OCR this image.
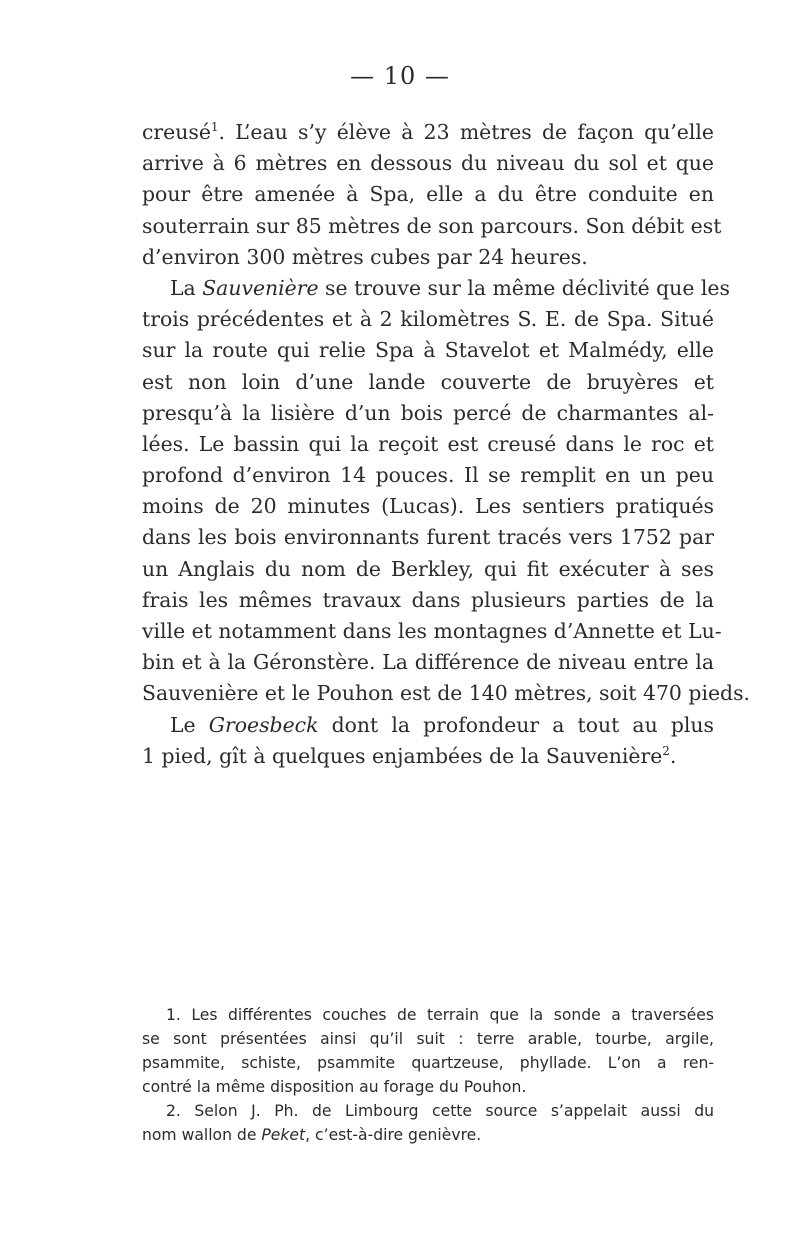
— 10 —
creusé$^1$. L’eau s’y élève à 23 mètres de façon qu’elle
arrive à 6 mètres en dessous du niveau du sol et que
pour être amenée à Spa, elle a du être conduite en
souterrain sur 85 mètres de son parcours. Son débit est
d’environ 300 mètres cubes par 24 heures.
La Sauvenière se trouve sur la même déclivité que les
trois précédentes et à 2 kilomètres S. E. de Spa. Situé
sur la route qui relie Spa à Stavelot et Malmédy, elle
est non loin d’une lande couverte de bruyères et
presqu’à la lisière d’un bois percé de charmantes al-
lées. Le bassin qui la reçoit est creusé dans le roc et
profond d’environ 14 pouces. Il se remplit en un peu
moins de 20 minutes (Lucas). Les sentiers pratiqués
dans les bois environnants furent tracés vers 1752 par
un Anglais du nom de Berkley, qui fit exécuter à ses
frais les mêmes travaux dans plusieurs parties de la
ville et notamment dans les montagnes d’Annette et Lu-
bin et à la Géronstère. La différence de niveau entre la
Sauvenière et le Pouhon est de 140 mètres, soit 470 pieds.
Le Groesbeck dont la profondeur a tout au plus
1 pied, gît à quelques enjambées de la Sauvenière$^2$.
1. Les différentes couches de terrain que la sonde a traversées
se sont présentées ainsi qu’il suit : terre arable, tourbe, argile,
psammite, schiste, psammite quartzeuse, phyllade. L’on a ren-
contré la même disposition au forage du Pouhon.
2. Selon J. Ph. de Limbourg cette source s’appelait aussi du
nom wallon de Peket, c’est-à-dire genièvre.
